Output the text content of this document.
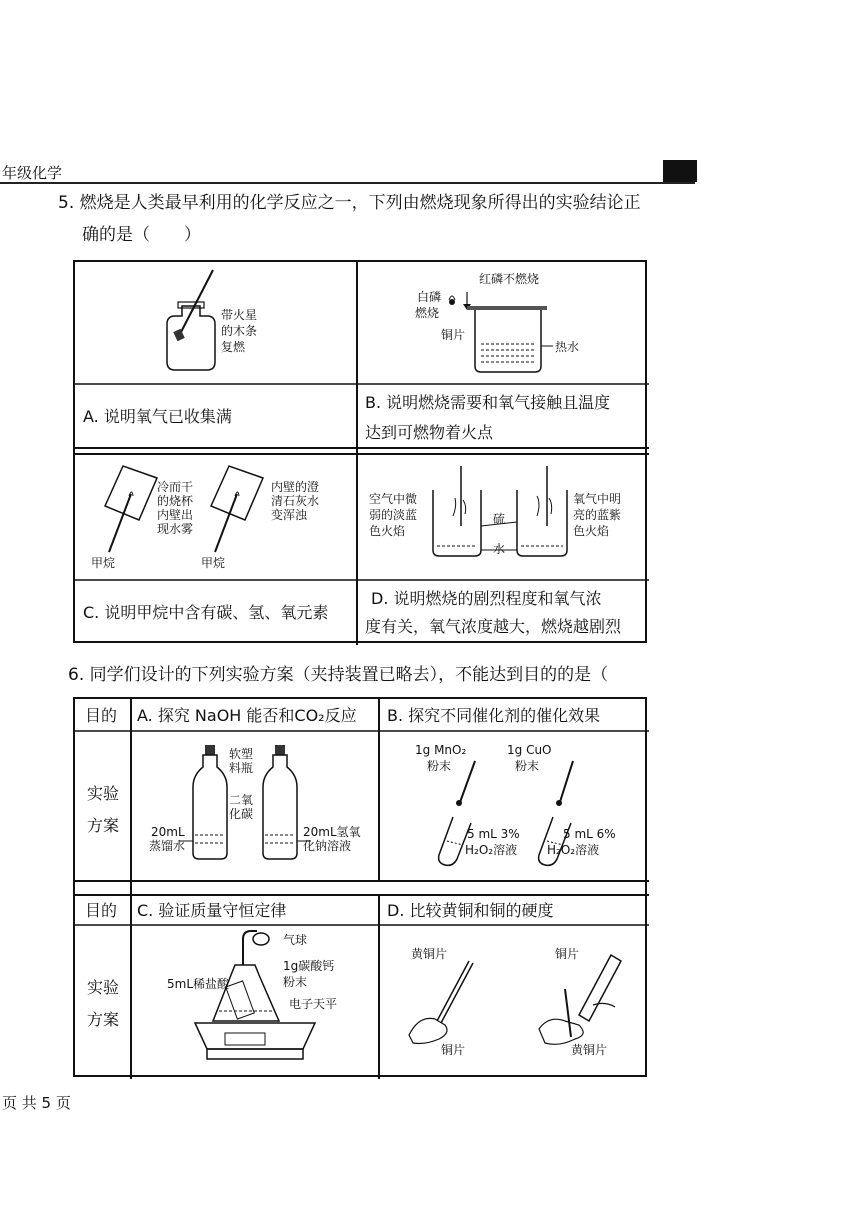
年级化学
5. 燃烧是人类最早利用的化学反应之一，下列由燃烧现象所得出的实验结论正
确的是（　　）
带火星
的木条
复燃
红磷不燃烧
白磷
燃烧
铜片
热水
A. 说明氧气已收集满
B. 说明燃烧需要和氧气接触且温度
达到可燃物着火点
冷而干
的烧杯
内壁出
现水雾
内壁的澄
清石灰水
变浑浊
甲烷	甲烷
空气中微
弱的淡蓝
色火焰
氧气中明
亮的蓝紫
色火焰
硫
水
C. 说明甲烷中含有碳、氢、氧元素
D. 说明燃烧的剧烈程度和氧气浓
度有关，氧气浓度越大，燃烧越剧烈
6. 同学们设计的下列实验方案（夹持装置已略去），不能达到目的的是（
目的 A. 探究 NaOH 能否和CO₂反应 B. 探究不同催化剂的催化效果
实验
方案
软塑
料瓶
二氧
化碳
20mL
蒸馏水
20mL氢氧
化钠溶液
1g MnO₂
粉末
1g CuO
粉末
5 mL 3%
H₂O₂溶液
5 mL 6%
H₂O₂溶液
目的 C. 验证质量守恒定律	D. 比较黄铜和铜的硬度
实验
方案
气球
5mL稀盐酸
1g碳酸钙
粉末
电子天平
黄铜片
铜片
铜片
黄铜片
页 共 5 页
